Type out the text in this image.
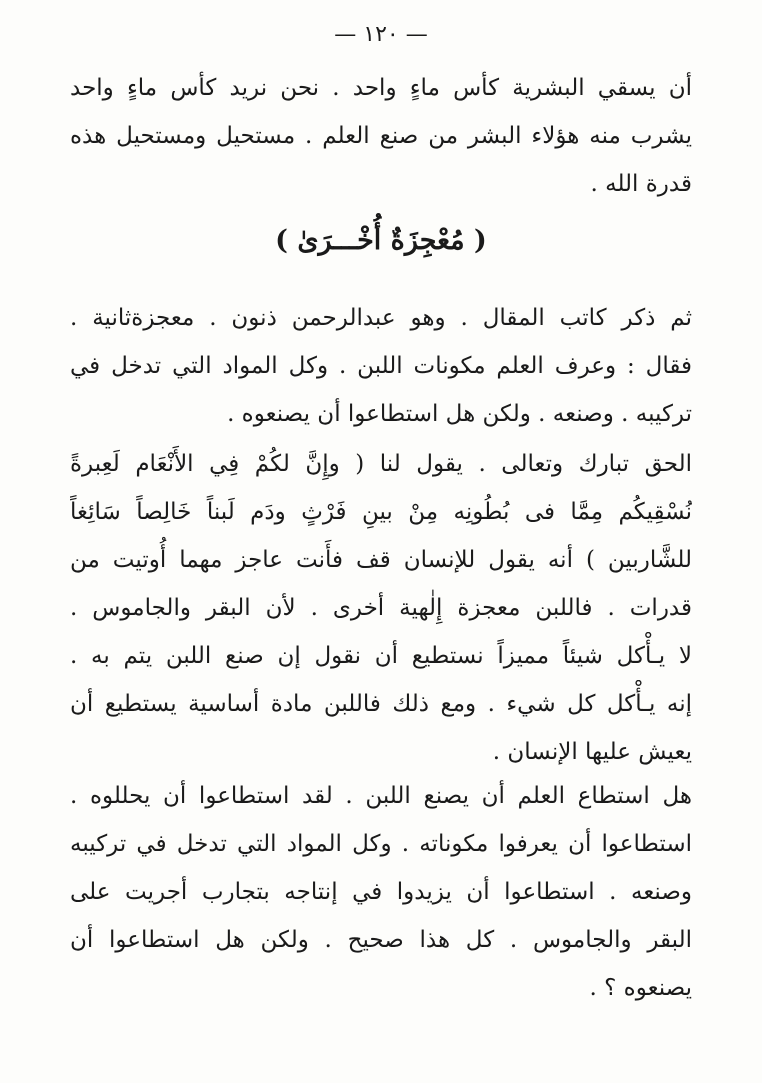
— ١٢٠ —
أن يسقي البشرية كأس ماءٍ واحد . نحن نريد كأس ماءٍ واحد
يشرب منه هؤلاء البشر من صنع العلم . مستحيل ومستحيل هذه
قدرة الله .
( مُعْجِزَةٌ أُخْـــرَىٰ )
ثم ذكر كاتب المقال . وهو عبدالرحمن ذنون . معجزةثانية .
فقال : وعرف العلم مكونات اللبن . وكل المواد التي تدخل في
تركيبه . وصنعه . ولكن هل استطاعوا أن يصنعوه .
الحق تبارك وتعالى . يقول لنا ( وإِنَّ لكُمْ فِي الأَنْعَام لَعِبرةً
نُسْقِيكُم مِمَّا فى بُطُونِه مِنْ بينِ فَرْثٍ ودَم لَبناً خَالِصاً سَائِغاً
للشَّاربين ) أنه يقول للإنسان قف فأَنت عاجز مهما أُوتيت من
قدرات . فاللبن معجزة إِلٰهية أخرى . لأن البقر والجاموس .
لا يـأْكل شيئاً مميزاً نستطيع أن نقول إن صنع اللبن يتم به .
إنه يـأْكل كل شيء . ومع ذلك فاللبن مادة أساسية يستطيع أن
يعيش عليها الإنسان .
هل استطاع العلم أن يصنع اللبن . لقد استطاعوا أن يحللوه .
استطاعوا أن يعرفوا مكوناته . وكل المواد التي تدخل في تركيبه
وصنعه . استطاعوا أن يزيدوا في إنتاجه بتجارب أجريت على
البقر والجاموس . كل هذا صحيح . ولكن هل استطاعوا أن
يصنعوه ؟ .
